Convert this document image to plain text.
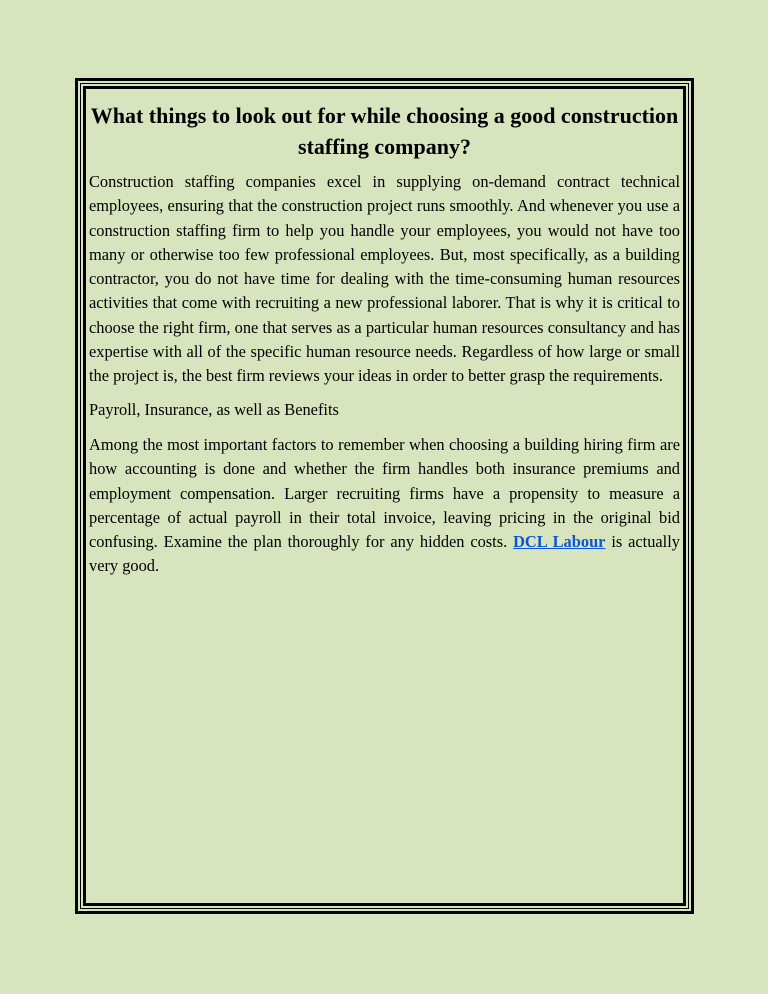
What things to look out for while choosing a good construction staffing company?

Construction staffing companies excel in supplying on-demand contract technical employees, ensuring that the construction project runs smoothly. And whenever you use a construction staffing firm to help you handle your employees, you would not have too many or otherwise too few professional employees. But, most specifically, as a building contractor, you do not have time for dealing with the time-consuming human resources activities that come with recruiting a new professional laborer. That is why it is critical to choose the right firm, one that serves as a particular human resources consultancy and has expertise with all of the specific human resource needs. Regardless of how large or small the project is, the best firm reviews your ideas in order to better grasp the requirements.

Payroll, Insurance, as well as Benefits

Among the most important factors to remember when choosing a building hiring firm are how accounting is done and whether the firm handles both insurance premiums and employment compensation. Larger recruiting firms have a propensity to measure a percentage of actual payroll in their total invoice, leaving pricing in the original bid confusing. Examine the plan thoroughly for any hidden costs. DCL Labour is actually very good.
